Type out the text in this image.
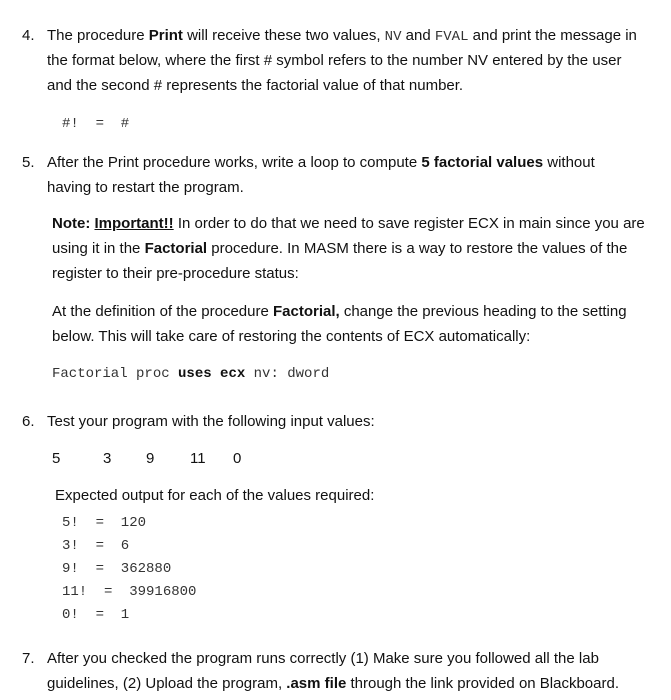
4. The procedure Print will receive these two values, NV and FVAL and print the message in
the format below, where the first # symbol refers to the number NV entered by the user
and the second # represents the factorial value of that number.
#!  =  #
5. After the Print procedure works, write a loop to compute 5 factorial values without
having to restart the program.
Note: Important!! In order to do that we need to save register ECX in main since you are
using it in the Factorial procedure. In MASM there is a way to restore the values of the
register to their pre-procedure status:
At the definition of the procedure Factorial, change the previous heading to the setting
below. This will take care of restoring the contents of ECX automatically:
Factorial proc uses ecx nv: dword
6. Test your program with the following input values:
5	3 9 11 0
Expected output for each of the values required:
5!  =  120
3!  =  6
9!  =  362880
11!  =  39916800
0!  =  1
7. After you checked the program runs correctly (1) Make sure you followed all the lab
guidelines, (2) Upload the program, .asm file through the link provided on Blackboard.
